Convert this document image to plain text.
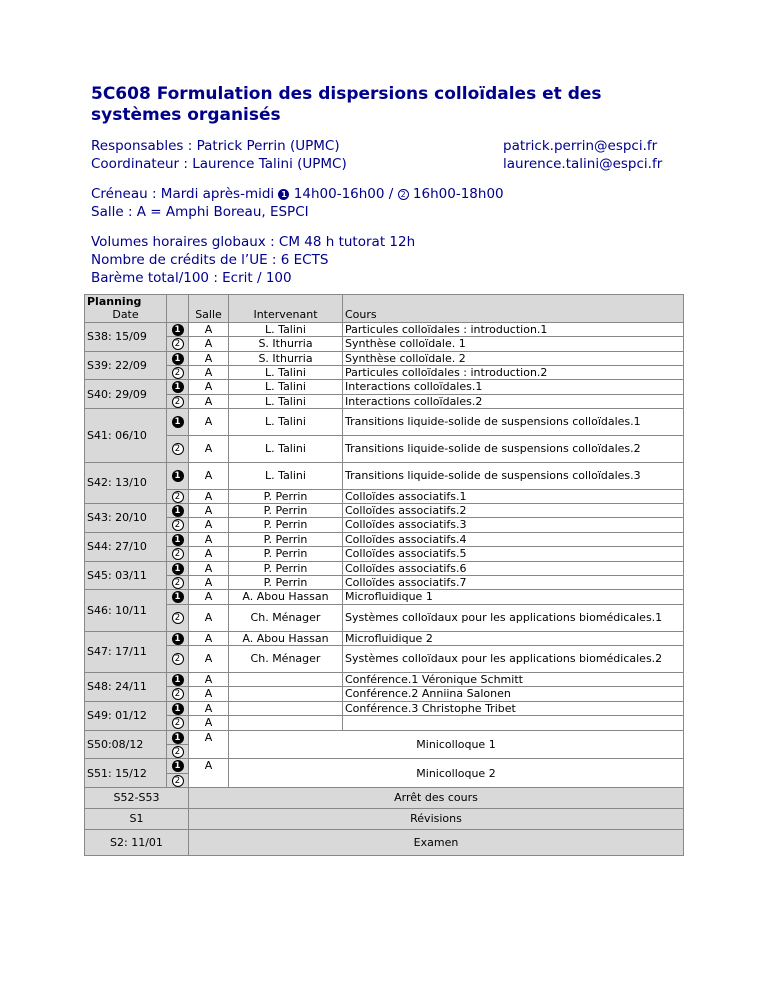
5C608 Formulation des dispersions colloïdales et des systèmes organisés
Responsables : Patrick Perrin (UPMC)
Coordinateur : Laurence Talini (UPMC)
patrick.perrin@espci.fr
laurence.talini@espci.fr
Créneau : Mardi après-midi 1 14h00-16h00 / 2 16h00-18h00
Salle : A = Amphi Boreau, ESPCI
Volumes horaires globaux : CM 48 h tutorat 12h
Nombre de crédits de l’UE : 6 ECTS
Barème total/100 : Ecrit / 100
Planning
Date		Salle	Intervenant	Cours
S38: 15/09	1	A	L. Talini	Particules colloïdales : introduction.1
	2	A	S. Ithurria	Synthèse colloïdale. 1
S39: 22/09	1	A	S. Ithurria	Synthèse colloïdale. 2
	2	A	L. Talini	Particules colloïdales : introduction.2
S40: 29/09	1	A	L. Talini	Interactions colloïdales.1
	2	A	L. Talini	Interactions colloïdales.2
S41: 06/10	1	A	L. Talini	Transitions liquide-solide de suspensions colloïdales.1
	2	A	L. Talini	Transitions liquide-solide de suspensions colloïdales.2
S42: 13/10	1	A	L. Talini	Transitions liquide-solide de suspensions colloïdales.3
	2	A	P. Perrin	Colloïdes associatifs.1
S43: 20/10	1	A	P. Perrin	Colloïdes associatifs.2
	2	A	P. Perrin	Colloïdes associatifs.3
S44: 27/10	1	A	P. Perrin	Colloïdes associatifs.4
	2	A	P. Perrin	Colloïdes associatifs.5
S45: 03/11	1	A	P. Perrin	Colloïdes associatifs.6
	2	A	P. Perrin	Colloïdes associatifs.7
S46: 10/11	1	A	A. Abou Hassan	Microfluidique 1
	2	A	Ch. Ménager	Systèmes colloïdaux pour les applications biomédicales.1
S47: 17/11	1	A	A. Abou Hassan	Microfluidique 2
	2	A	Ch. Ménager	Systèmes colloïdaux pour les applications biomédicales.2
S48: 24/11	1	A		Conférence.1 Véronique Schmitt
	2	A		Conférence.2 Anniina Salonen
S49: 01/12	1	A		Conférence.3 Christophe Tribet
	2	A		
S50:08/12	1	A	Minicolloque 1	
	2			
S51: 15/12	1	A	Minicolloque 2	
	2			
S52-S53		Arrêt des cours		
S1		Révisions		
S2: 11/01		Examen		
